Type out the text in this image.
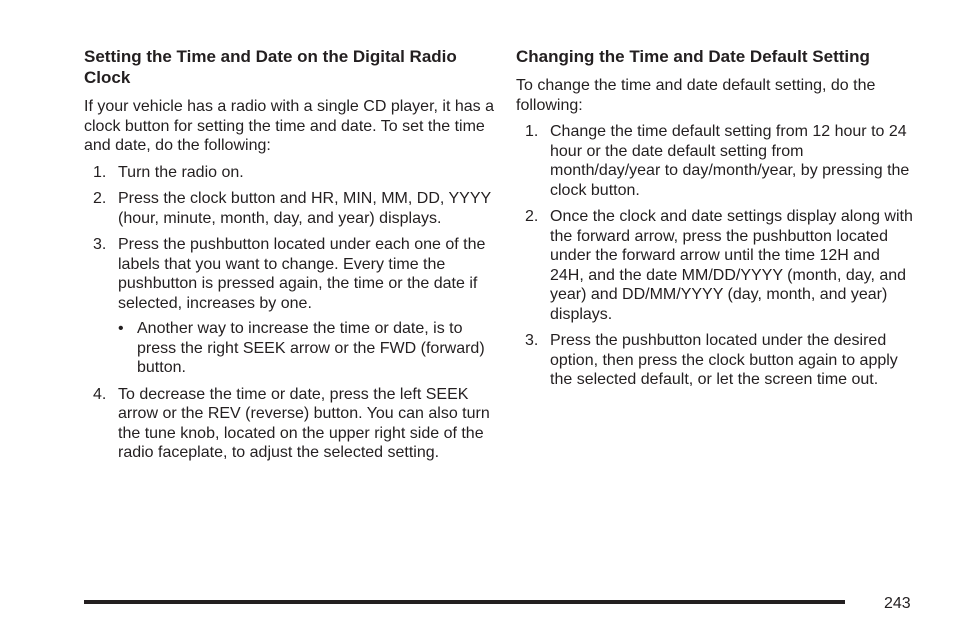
Setting the Time and Date on the Digital Radio Clock

If your vehicle has a radio with a single CD player, it has a clock button for setting the time and date. To set the time and date, do the following:

1. Turn the radio on.
2. Press the clock button and HR, MIN, MM, DD, YYYY (hour, minute, month, day, and year) displays.
3. Press the pushbutton located under each one of the labels that you want to change. Every time the pushbutton is pressed again, the time or the date if selected, increases by one.
• Another way to increase the time or date, is to press the right SEEK arrow or the FWD (forward) button.
4. To decrease the time or date, press the left SEEK arrow or the REV (reverse) button. You can also turn the tune knob, located on the upper right side of the radio faceplate, to adjust the selected setting.
Changing the Time and Date Default Setting

To change the time and date default setting, do the following:

1. Change the time default setting from 12 hour to 24 hour or the date default setting from month/day/year to day/month/year, by pressing the clock button.
2. Once the clock and date settings display along with the forward arrow, press the pushbutton located under the forward arrow until the time 12H and 24H, and the date MM/DD/YYYY (month, day, and year) and DD/MM/YYYY (day, month, and year) displays.
3. Press the pushbutton located under the desired option, then press the clock button again to apply the selected default, or let the screen time out.
243
